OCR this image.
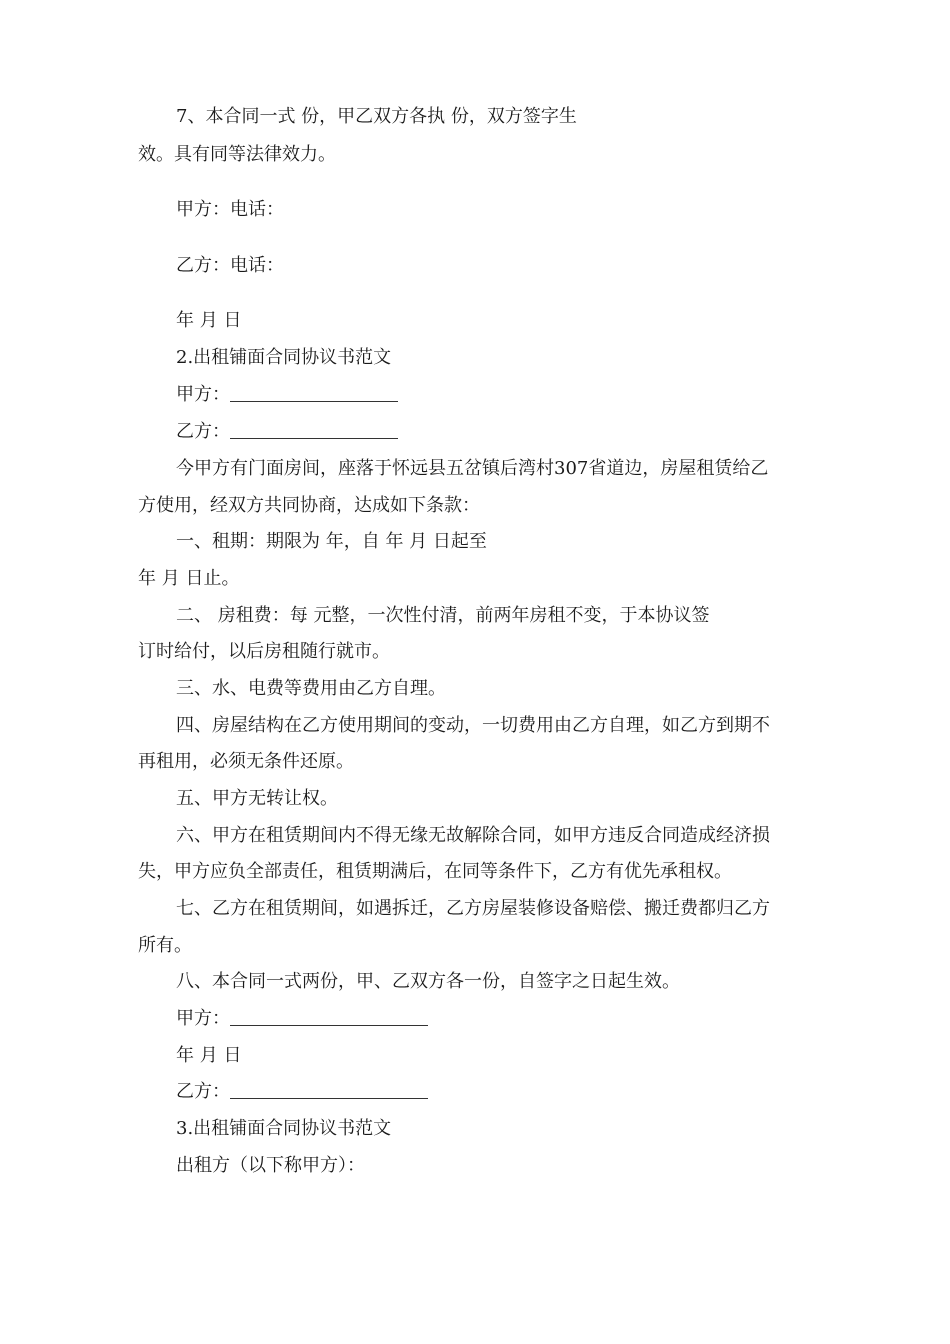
7、本合同一式 份，甲乙双方各执 份，双方签字生
效。具有同等法律效力。
甲方：电话：
乙方：电话：
年 月 日
2.出租铺面合同协议书范文
甲方：
乙方：
今甲方有门面房间，座落于怀远县五岔镇后湾村307省道边，房屋租赁给乙
方使用，经双方共同协商，达成如下条款：
一、租期：期限为 年，自 年 月 日起至
年 月 日止。
二、 房租费：每 元整，一次性付清，前两年房租不变，于本协议签
订时给付，以后房租随行就市。
三、水、电费等费用由乙方自理。
四、房屋结构在乙方使用期间的变动，一切费用由乙方自理，如乙方到期不
再租用，必须无条件还原。
五、甲方无转让权。
六、甲方在租赁期间内不得无缘无故解除合同，如甲方违反合同造成经济损
失，甲方应负全部责任，租赁期满后，在同等条件下，乙方有优先承租权。
七、乙方在租赁期间，如遇拆迁，乙方房屋装修设备赔偿、搬迁费都归乙方
所有。
八、本合同一式两份，甲、乙双方各一份，自签字之日起生效。
甲方：
年 月 日
乙方：
3.出租铺面合同协议书范文
出租方（以下称甲方）：
